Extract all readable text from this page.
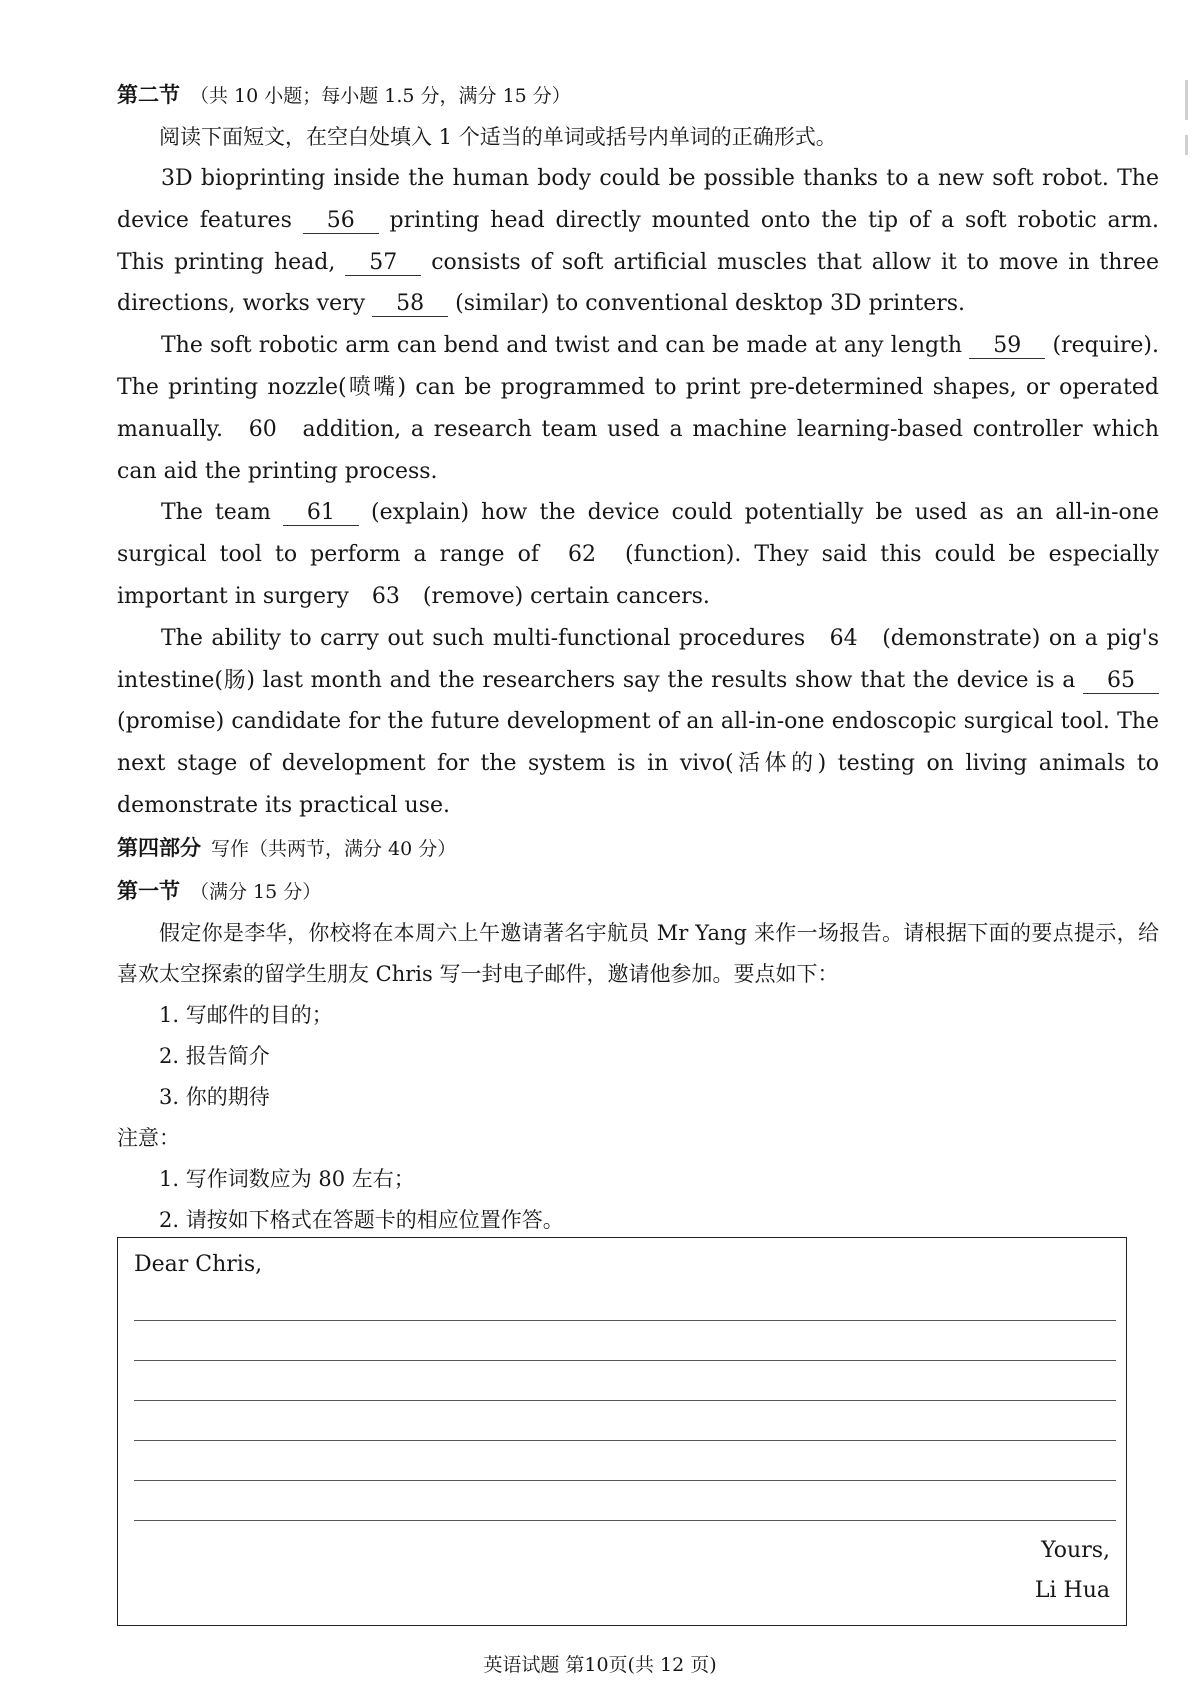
第二节 （共 10 小题；每小题 1.5 分，满分 15 分）

阅读下面短文，在空白处填入 1 个适当的单词或括号内单词的正确形式。

3D bioprinting inside the human body could be possible thanks to a new soft robot. The device features 56 printing head directly mounted onto the tip of a soft robotic arm. This printing head, 57 consists of soft artificial muscles that allow it to move in three directions, works very 58 (similar) to conventional desktop 3D printers.

The soft robotic arm can bend and twist and can be made at any length 59 (require). The printing nozzle(喷嘴) can be programmed to print pre-determined shapes, or operated manually. 60 addition, a research team used a machine learning-based controller which can aid the printing process.

The team 61 (explain) how the device could potentially be used as an all-in-one surgical tool to perform a range of 62 (function). They said this could be especially important in surgery 63 (remove) certain cancers.

The ability to carry out such multi-functional procedures 64 (demonstrate) on a pig's intestine(肠) last month and the researchers say the results show that the device is a 65 (promise) candidate for the future development of an all-in-one endoscopic surgical tool. The next stage of development for the system is in vivo(活体的) testing on living animals to demonstrate its practical use.

第四部分 写作（共两节，满分 40 分）
第一节 （满分 15 分）

假定你是李华，你校将在本周六上午邀请著名宇航员 Mr Yang 来作一场报告。请根据下面的要点提示，给喜欢太空探索的留学生朋友 Chris 写一封电子邮件，邀请他参加。要点如下：

1. 写邮件的目的；
2. 报告简介
3. 你的期待
注意：
1. 写作词数应为 80 左右；
2. 请按如下格式在答题卡的相应位置作答。
Dear Chris,
Yours,
Li Hua
英语试题 第10页(共 12 页)
